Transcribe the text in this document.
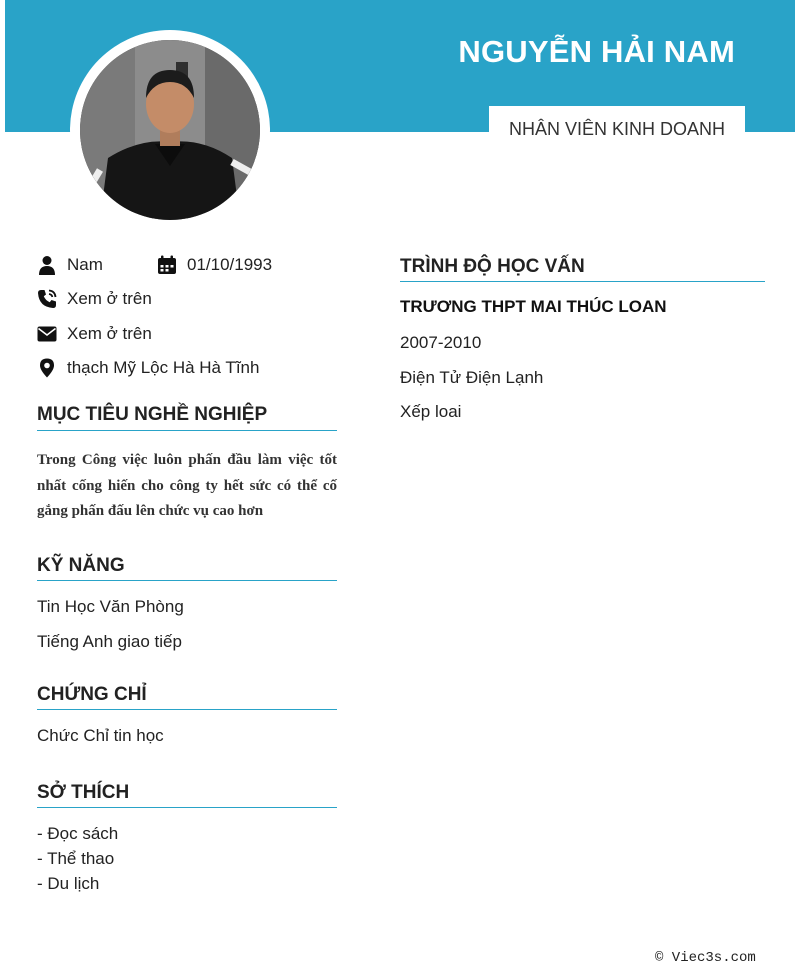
NGUYỄN HẢI NAM
NHÂN VIÊN KINH DOANH
Nam	01/10/1993
Xem ở trên
Xem ở trên
thạch Mỹ Lộc Hà Hà Tĩnh
MỤC TIÊU NGHỀ NGHIỆP
Trong Công việc luôn phấn đầu làm việc tốt nhất cống hiến cho công ty hết sức có thể cố gắng phấn đấu lên chức vụ cao hơn
KỸ NĂNG
Tin Học Văn Phòng
Tiếng Anh giao tiếp
CHỨNG CHỈ
Chức Chỉ tin học
SỞ THÍCH
- Đọc sách
- Thể thao
- Du lịch
TRÌNH ĐỘ HỌC VẤN
TRƯƠNG THPT MAI THÚC LOAN
2007-2010
Điện Tử Điện Lạnh
Xếp loai
© Viec3s.com
